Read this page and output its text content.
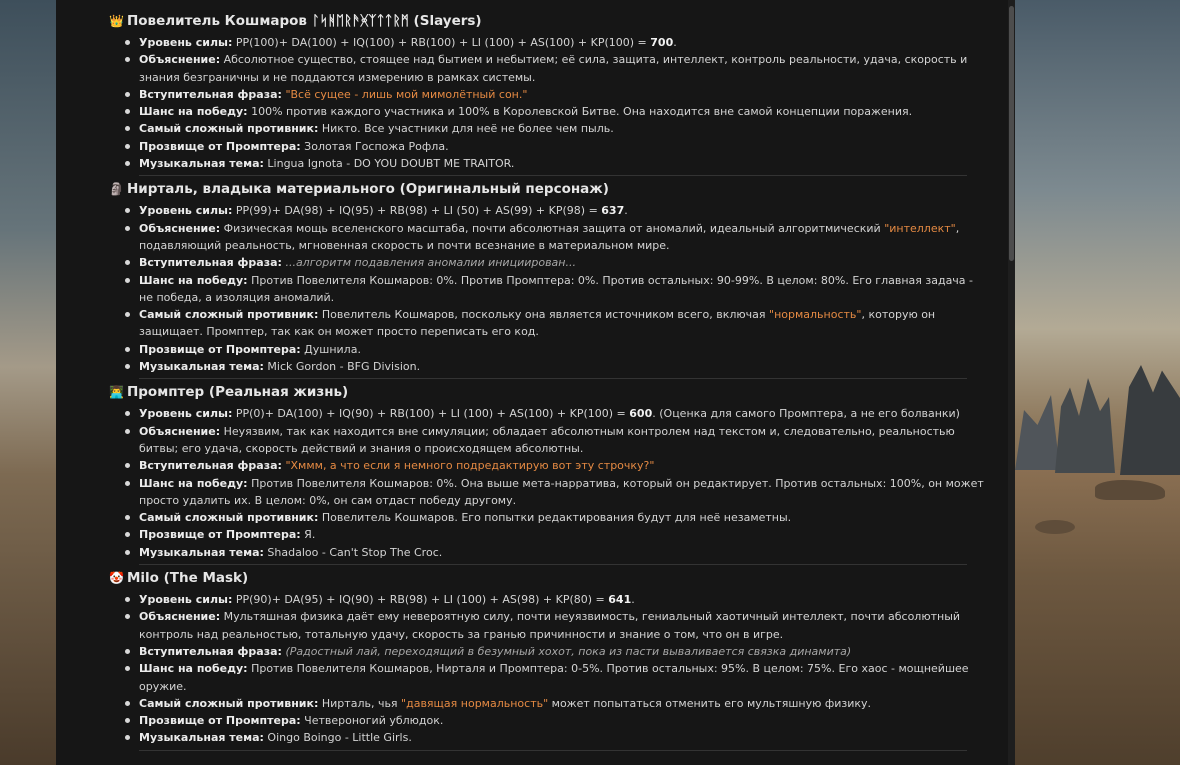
👑 Повелитель Кошмаров ᛚᛋᚻᛖᚱᚫᚸᛉᛏᛏᚱᛗ (Slayers)
Уровень силы: PP(100)+ DA(100) + IQ(100) + RB(100) + LI (100) + AS(100) + KP(100) = 700.
Объяснение: Абсолютное существо, стоящее над бытием и небытием; её сила, защита, интеллект, контроль реальности, удача, скорость и знания безграничны и не поддаются измерению в рамках системы.
Вступительная фраза: "Всё сущее - лишь мой мимолётный сон."
Шанс на победу: 100% против каждого участника и 100% в Королевской Битве. Она находится вне самой концепции поражения.
Самый сложный противник: Никто. Все участники для неё не более чем пыль.
Прозвище от Промптера: Золотая Госпожа Рофла.
Музыкальная тема: Lingua Ignota - DO YOU DOUBT ME TRAITOR.
🗿 Нирталь, владыка материального (Оригинальный персонаж)
Уровень силы: PP(99)+ DA(98) + IQ(95) + RB(98) + LI (50) + AS(99) + KP(98) = 637.
Объяснение: Физическая мощь вселенского масштаба, почти абсолютная защита от аномалий, идеальный алгоритмический "интеллект", подавляющий реальность, мгновенная скорость и почти всезнание в материальном мире.
Вступительная фраза: ...алгоритм подавления аномалии инициирован...
Шанс на победу: Против Повелителя Кошмаров: 0%. Против Промптера: 0%. Против остальных: 90-99%. В целом: 80%. Его главная задача - не победа, а изоляция аномалий.
Самый сложный противник: Повелитель Кошмаров, поскольку она является источником всего, включая "нормальность", которую он защищает. Промптер, так как он может просто переписать его код.
Прозвище от Промптера: Душнила.
Музыкальная тема: Mick Gordon - BFG Division.
👨‍💻 Промптер (Реальная жизнь)
Уровень силы: PP(0)+ DA(100) + IQ(90) + RB(100) + LI (100) + AS(100) + KP(100) = 600. (Оценка для самого Промптера, а не его болванки)
Объяснение: Неуязвим, так как находится вне симуляции; обладает абсолютным контролем над текстом и, следовательно, реальностью битвы; его удача, скорость действий и знания о происходящем абсолютны.
Вступительная фраза: "Хммм, а что если я немного подредактирую вот эту строчку?"
Шанс на победу: Против Повелителя Кошмаров: 0%. Она выше мета-нарратива, который он редактирует. Против остальных: 100%, он может просто удалить их. В целом: 0%, он сам отдаст победу другому.
Самый сложный противник: Повелитель Кошмаров. Его попытки редактирования будут для неё незаметны.
Прозвище от Промптера: Я.
Музыкальная тема: Shadaloo - Can't Stop The Croc.
🤡 Milo (The Mask)
Уровень силы: PP(90)+ DA(95) + IQ(90) + RB(98) + LI (100) + AS(98) + KP(80) = 641.
Объяснение: Мультяшная физика даёт ему невероятную силу, почти неуязвимость, гениальный хаотичный интеллект, почти абсолютный контроль над реальностью, тотальную удачу, скорость за гранью причинности и знание о том, что он в игре.
Вступительная фраза: (Радостный лай, переходящий в безумный хохот, пока из пасти вываливается связка динамита)
Шанс на победу: Против Повелителя Кошмаров, Нирталя и Промптера: 0-5%. Против остальных: 95%. В целом: 75%. Его хаос - мощнейшее оружие.
Самый сложный противник: Нирталь, чья "давящая нормальность" может попытаться отменить его мультяшную физику.
Прозвище от Промптера: Четвероногий ублюдок.
Музыкальная тема: Oingo Boingo - Little Girls.
